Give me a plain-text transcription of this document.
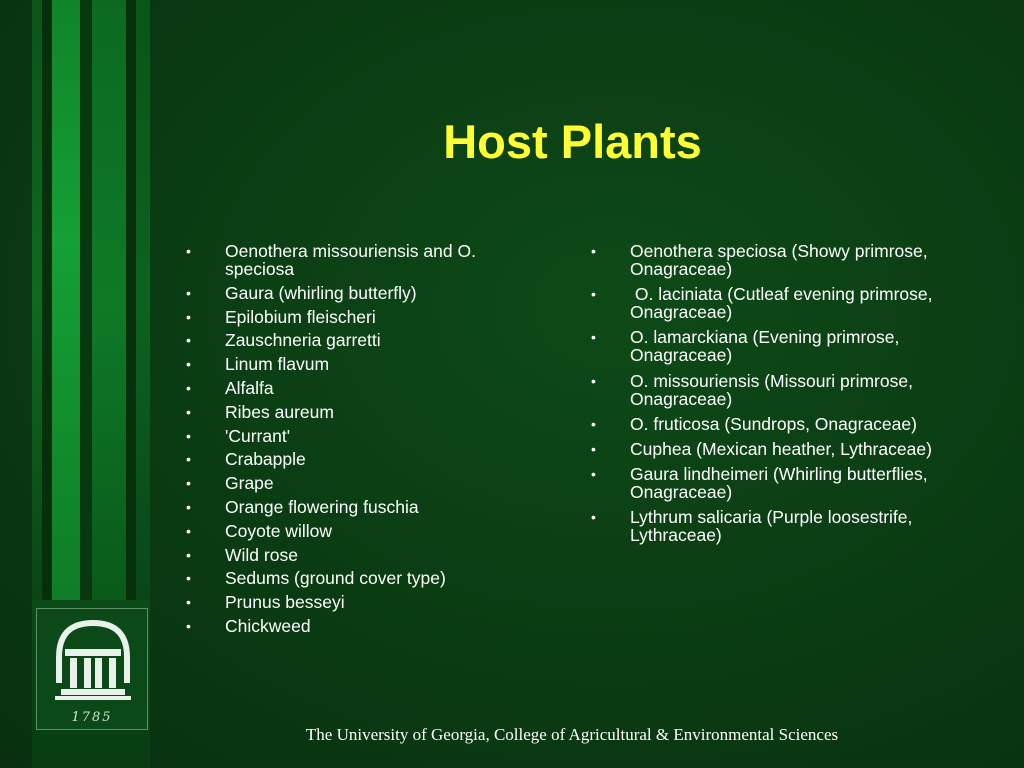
1785
Host Plants
• Oenothera missouriensis and O. speciosa
• Gaura (whirling butterfly)
• Epilobium fleischeri
• Zauschneria garretti
• Linum flavum
• Alfalfa
• Ribes aureum
• 'Currant'
• Crabapple
• Grape
• Orange flowering fuschia
• Coyote willow
• Wild rose
• Sedums (ground cover type)
• Prunus besseyi
• Chickweed
• Oenothera speciosa (Showy primrose, Onagraceae)
• O. laciniata (Cutleaf evening primrose, Onagraceae)
• O. lamarckiana (Evening primrose, Onagraceae)
• O. missouriensis (Missouri primrose, Onagraceae)
• O. fruticosa (Sundrops, Onagraceae)
• Cuphea (Mexican heather, Lythraceae)
• Gaura lindheimeri (Whirling butterflies, Onagraceae)
• Lythrum salicaria (Purple loosestrife, Lythraceae)
The University of Georgia, College of Agricultural & Environmental Sciences
